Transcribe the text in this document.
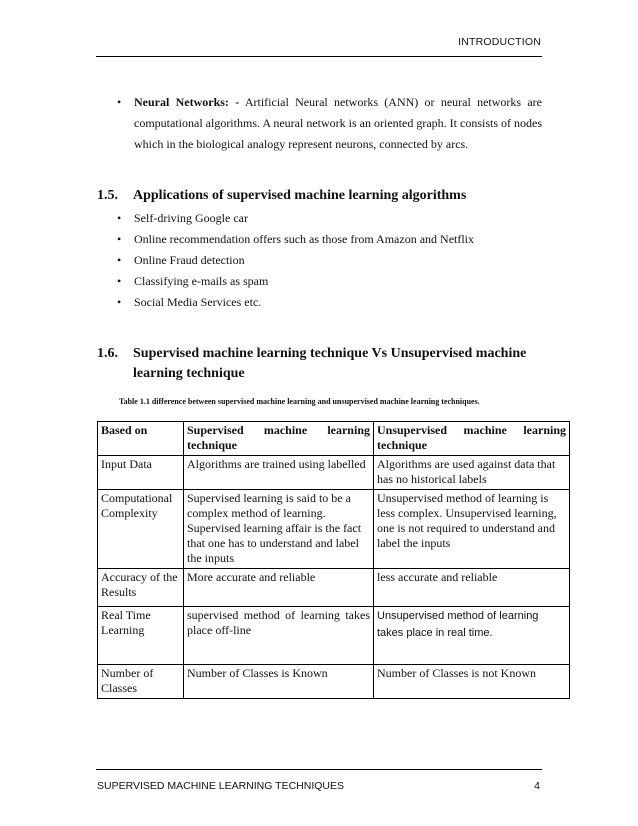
INTRODUCTION
• Neural Networks: - Artificial Neural networks (ANN) or neural networks are computational algorithms. A neural network is an oriented graph. It consists of nodes which in the biological analogy represent neurons, connected by arcs.
1.5. Applications of supervised machine learning algorithms
• Self-driving Google car
• Online recommendation offers such as those from Amazon and Netflix
• Online Fraud detection
• Classifying e-mails as spam
• Social Media Services etc.
1.6. Supervised machine learning technique Vs Unsupervised machine learning technique
Table 1.1 difference between supervised machine learning and unsupervised machine learning techniques.
Based on	Supervised machine learning technique	Unsupervised machine learning technique
Input Data	Algorithms are trained using labelled	Algorithms are used against data that has no historical labels
Computational Complexity	Supervised learning is said to be a complex method of learning. Supervised learning affair is the fact that one has to understand and label the inputs	Unsupervised method of learning is less complex. Unsupervised learning, one is not required to understand and label the inputs
Accuracy of the Results	More accurate and reliable	less accurate and reliable
Real Time Learning	supervised method of learning takes place off-line	Unsupervised method of learning takes place in real time.
Number of Classes	Number of Classes is Known	Number of Classes is not Known
SUPERVISED MACHINE LEARNING TECHNIQUES	4
